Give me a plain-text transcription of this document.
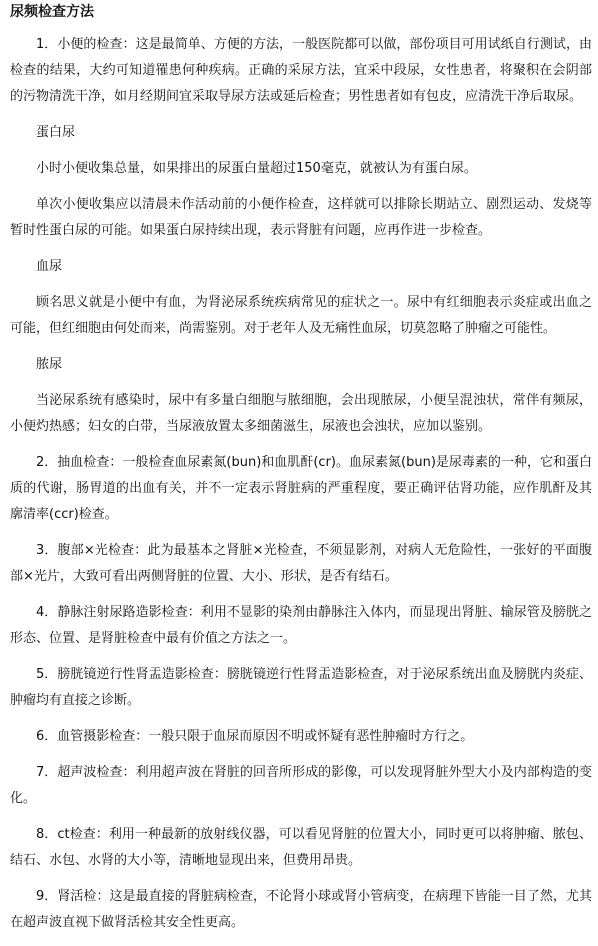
尿频检查方法

1．小便的检查：这是最简单、方便的方法，一般医院都可以做，部份项目可用试纸自行测试，由检查的结果，大约可知道罹患何种疾病。正确的采尿方法，宜采中段尿，女性患者，将聚积在会阴部的污物清洗干净，如月经期间宜采取导尿方法或延后检查；男性患者如有包皮，应清洗干净后取尿。

蛋白尿

小时小便收集总量，如果排出的尿蛋白量超过150毫克，就被认为有蛋白尿。

单次小便收集应以清晨未作活动前的小便作检查，这样就可以排除长期站立、剧烈运动、发烧等暂时性蛋白尿的可能。如果蛋白尿持续出现，表示肾脏有问题，应再作进一步检查。

血尿

顾名思义就是小便中有血，为肾泌尿系统疾病常见的症状之一。尿中有红细胞表示炎症或出血之可能，但红细胞由何处而来，尚需鉴别。对于老年人及无痛性血尿，切莫忽略了肿瘤之可能性。

脓尿

当泌尿系统有感染时，尿中有多量白细胞与脓细胞，会出现脓尿，小便呈混浊状，常伴有频尿，小便灼热感；妇女的白带，当尿液放置太多细菌滋生，尿液也会浊状，应加以鉴别。

2．抽血检查：一般检查血尿素氮(bun)和血肌酐(cr)。血尿素氮(bun)是尿毒素的一种，它和蛋白质的代谢，肠胃道的出血有关，并不一定表示肾脏病的严重程度，要正确评估肾功能，应作肌酐及其廓清率(ccr)检查。

3．腹部×光检查：此为最基本之肾脏×光检查，不须显影剂，对病人无危险性，一张好的平面腹部×光片，大致可看出两侧肾脏的位置、大小、形状，是否有结石。

4．静脉注射尿路造影检查：利用不显影的染剂由静脉注入体内，而显现出肾脏、输尿管及膀胱之形态、位置、是肾脏检查中最有价值之方法之一。

5．膀胱镜逆行性肾盂造影检查：膀胱镜逆行性肾盂造影检查，对于泌尿系统出血及膀胱内炎症、肿瘤均有直接之诊断。

6．血管摄影检查：一般只限于血尿而原因不明或怀疑有恶性肿瘤时方行之。

7．超声波检查：利用超声波在肾脏的回音所形成的影像，可以发现肾脏外型大小及内部构造的变化。

8．ct检查：利用一种最新的放射线仪器，可以看见肾脏的位置大小，同时更可以将肿瘤、脓包、结石、水包、水肾的大小等，清晰地显现出来，但费用昂贵。

9．肾活检：这是最直接的肾脏病检查，不论肾小球或肾小管病变，在病理下皆能一目了然，尤其在超声波直视下做肾活检其安全性更高。
